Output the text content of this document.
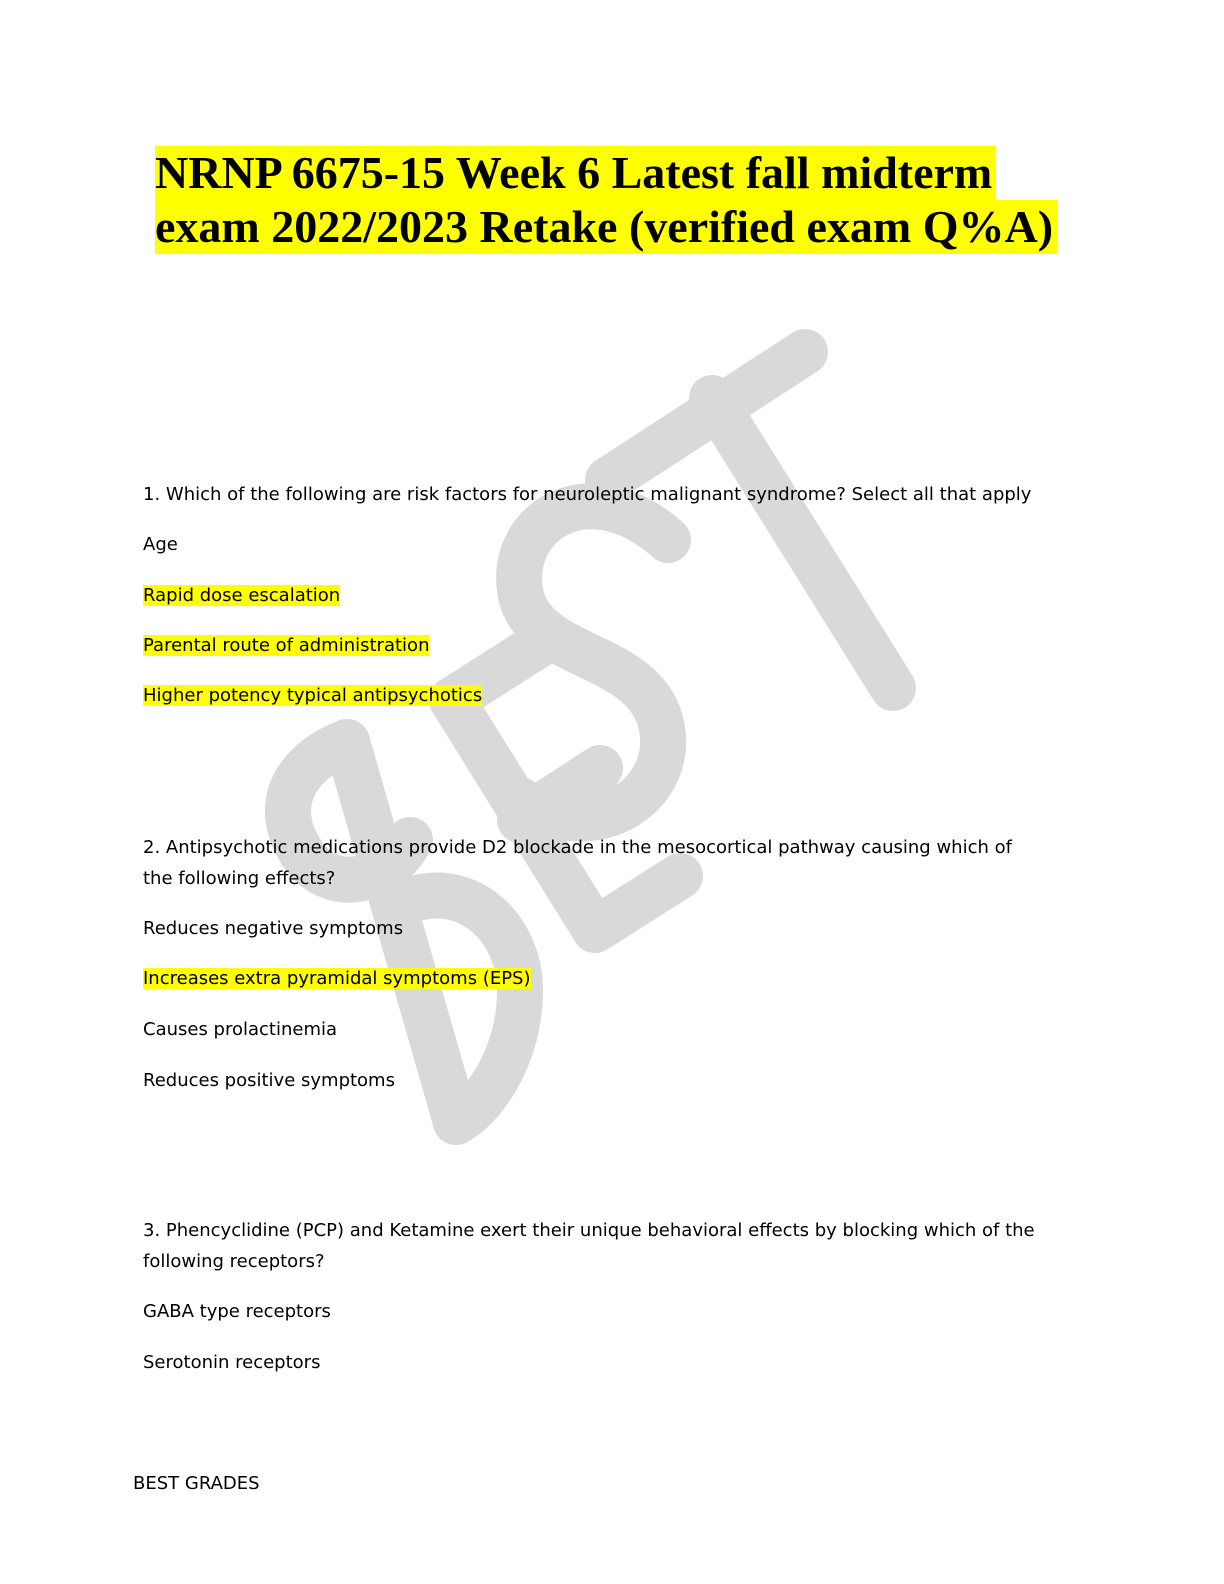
NRNP 6675-15 Week 6 Latest fall midterm
exam 2022/2023 Retake (verified exam Q%A)

1. Which of the following are risk factors for neuroleptic malignant syndrome? Select all that apply

Age

Rapid dose escalation

Parental route of administration

Higher potency typical antipsychotics

2. Antipsychotic medications provide D2 blockade in the mesocortical pathway causing which of the following effects?

Reduces negative symptoms

Increases extra pyramidal symptoms (EPS)

Causes prolactinemia

Reduces positive symptoms

3. Phencyclidine (PCP) and Ketamine exert their unique behavioral effects by blocking which of the following receptors?

GABA type receptors

Serotonin receptors

BEST GRADES
